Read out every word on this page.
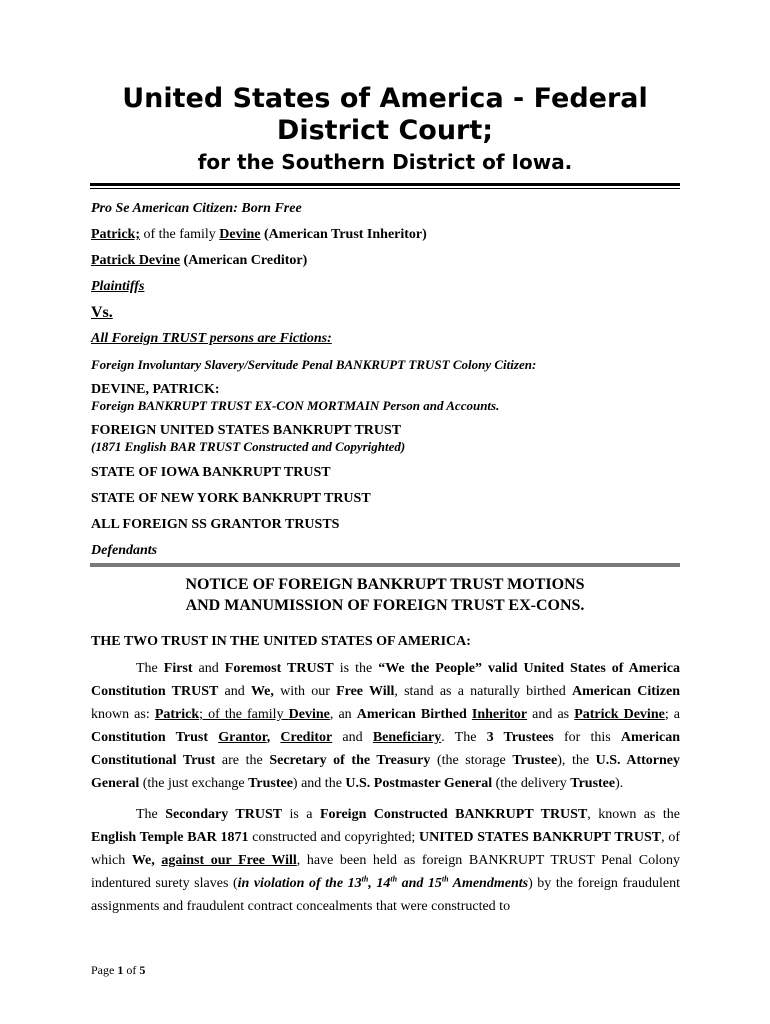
United States of America - Federal
District Court;
for the Southern District of Iowa.
Pro Se American Citizen: Born Free
Patrick; of the family Devine (American Trust Inheritor)
Patrick Devine (American Creditor)
Plaintiffs
Vs.
All Foreign TRUST persons are Fictions:
Foreign Involuntary Slavery/Servitude Penal BANKRUPT TRUST Colony Citizen:
DEVINE, PATRICK:
Foreign BANKRUPT TRUST EX-CON MORTMAIN Person and Accounts.
FOREIGN UNITED STATES BANKRUPT TRUST
(1871 English BAR TRUST Constructed and Copyrighted)
STATE OF IOWA BANKRUPT TRUST
STATE OF NEW YORK BANKRUPT TRUST
ALL FOREIGN SS GRANTOR TRUSTS
Defendants
NOTICE OF FOREIGN BANKRUPT TRUST MOTIONS
AND MANUMISSION OF FOREIGN TRUST EX-CONS.
THE TWO TRUST IN THE UNITED STATES OF AMERICA:

The First and Foremost TRUST is the “We the People” valid United States of America Constitution TRUST and We, with our Free Will, stand as a naturally birthed American Citizen known as: Patrick; of the family Devine, an American Birthed Inheritor and as Patrick Devine; a Constitution Trust Grantor, Creditor and Beneficiary. The 3 Trustees for this American Constitutional Trust are the Secretary of the Treasury (the storage Trustee), the U.S. Attorney General (the just exchange Trustee) and the U.S. Postmaster General (the delivery Trustee).

The Secondary TRUST is a Foreign Constructed BANKRUPT TRUST, known as the English Temple BAR 1871 constructed and copyrighted; UNITED STATES BANKRUPT TRUST, of which We, against our Free Will, have been held as foreign BANKRUPT TRUST Penal Colony indentured surety slaves (in violation of the 13th, 14th and 15th Amendments) by the foreign fraudulent assignments and fraudulent contract concealments that were constructed to

Page 1 of 5
